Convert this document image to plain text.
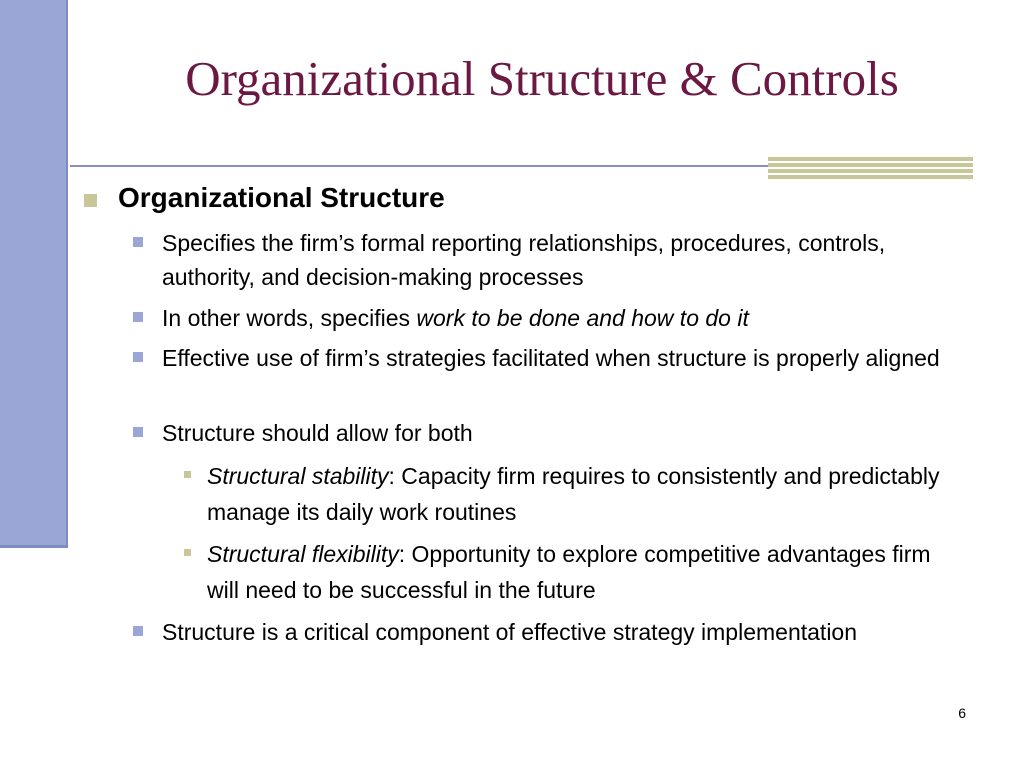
Organizational Structure & Controls
Organizational Structure
Specifies the firm’s formal reporting relationships, procedures, controls, authority, and decision-making processes
In other words, specifies work to be done and how to do it
Effective use of firm’s strategies facilitated when structure is properly aligned
Structure should allow for both
Structural stability: Capacity firm requires to consistently and predictably manage its daily work routines
Structural flexibility: Opportunity to explore competitive advantages firm will need to be successful in the future
Structure is a critical component of effective strategy implementation
6
